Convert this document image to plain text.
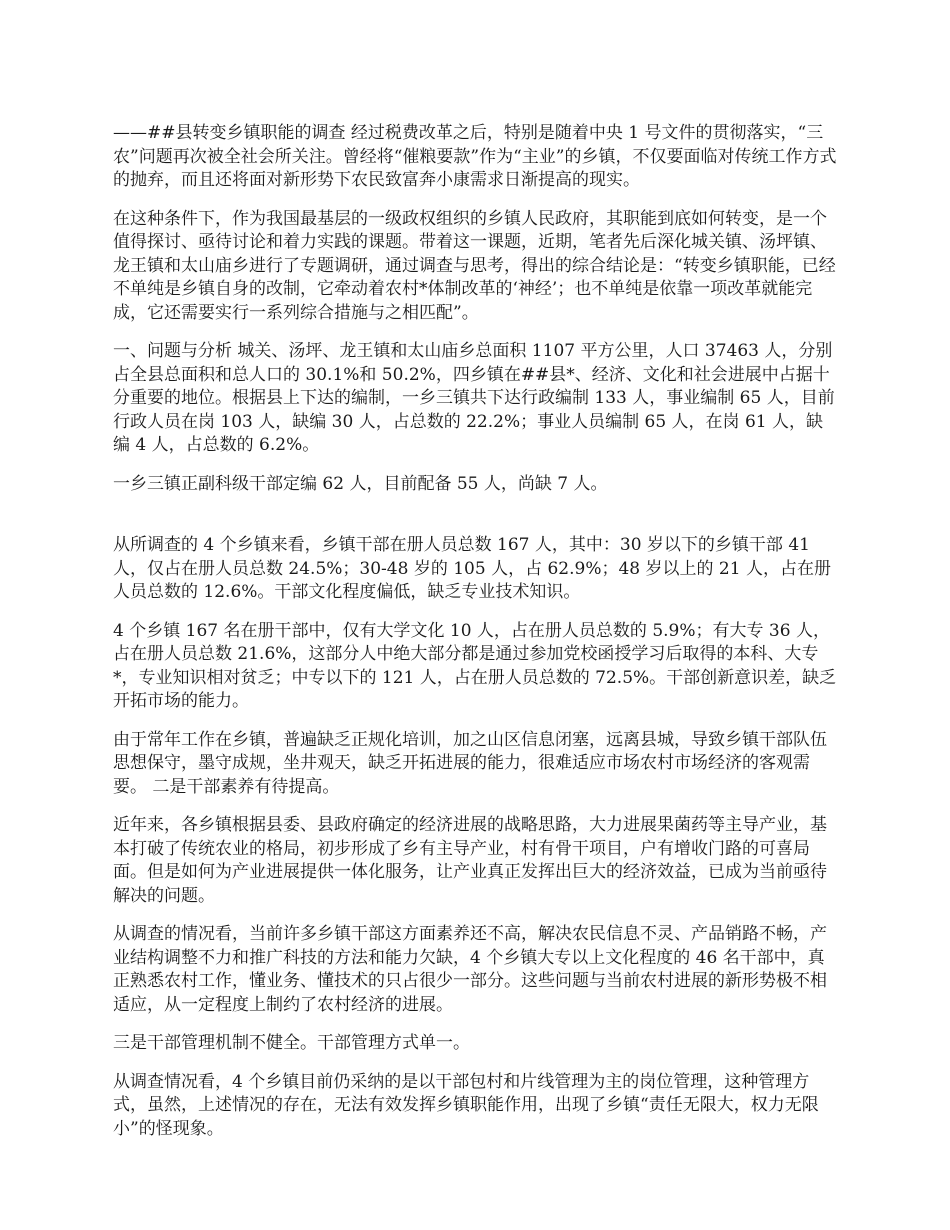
——##县转变乡镇职能的调查 经过税费改革之后，特别是随着中央 1 号文件的贯彻落实，“三农”问题再次被全社会所关注。曾经将“催粮要款”作为“主业”的乡镇，不仅要面临对传统工作方式的抛弃，而且还将面对新形势下农民致富奔小康需求日渐提高的现实。

在这种条件下，作为我国最基层的一级政权组织的乡镇人民政府，其职能到底如何转变，是一个值得探讨、亟待讨论和着力实践的课题。带着这一课题，近期，笔者先后深化城关镇、汤坪镇、龙王镇和太山庙乡进行了专题调研，通过调查与思考，得出的综合结论是：“转变乡镇职能，已经不单纯是乡镇自身的改制，它牵动着农村*体制改革的‘神经’；也不单纯是依靠一项改革就能完成，它还需要实行一系列综合措施与之相匹配”。

一、问题与分析 城关、汤坪、龙王镇和太山庙乡总面积 1107 平方公里，人口 37463 人，分别占全县总面积和总人口的 30.1%和 50.2%，四乡镇在##县*、经济、文化和社会进展中占据十分重要的地位。根据县上下达的编制，一乡三镇共下达行政编制 133 人，事业编制 65 人，目前行政人员在岗 103 人，缺编 30 人，占总数的 22.2%；事业人员编制 65 人，在岗 61 人，缺编 4 人，占总数的 6.2%。

一乡三镇正副科级干部定编 62 人，目前配备 55 人，尚缺 7 人。

从所调查的 4 个乡镇来看，乡镇干部在册人员总数 167 人，其中：30 岁以下的乡镇干部 41 人，仅占在册人员总数 24.5%；30-48 岁的 105 人，占 62.9%；48 岁以上的 21 人，占在册人员总数的 12.6%。干部文化程度偏低，缺乏专业技术知识。

4 个乡镇 167 名在册干部中，仅有大学文化 10 人，占在册人员总数的 5.9%；有大专 36 人，占在册人员总数 21.6%，这部分人中绝大部分都是通过参加党校函授学习后取得的本科、大专*，专业知识相对贫乏；中专以下的 121 人，占在册人员总数的 72.5%。干部创新意识差，缺乏开拓市场的能力。

由于常年工作在乡镇，普遍缺乏正规化培训，加之山区信息闭塞，远离县城，导致乡镇干部队伍思想保守，墨守成规，坐井观天，缺乏开拓进展的能力，很难适应市场农村市场经济的客观需要。 二是干部素养有待提高。

近年来，各乡镇根据县委、县政府确定的经济进展的战略思路，大力进展果菌药等主导产业，基本打破了传统农业的格局，初步形成了乡有主导产业，村有骨干项目，户有增收门路的可喜局面。但是如何为产业进展提供一体化服务，让产业真正发挥出巨大的经济效益，已成为当前亟待解决的问题。

从调查的情况看，当前许多乡镇干部这方面素养还不高，解决农民信息不灵、产品销路不畅，产业结构调整不力和推广科技的方法和能力欠缺，4 个乡镇大专以上文化程度的 46 名干部中，真正熟悉农村工作，懂业务、懂技术的只占很少一部分。这些问题与当前农村进展的新形势极不相适应，从一定程度上制约了农村经济的进展。

三是干部管理机制不健全。干部管理方式单一。

从调查情况看，4 个乡镇目前仍采纳的是以干部包村和片线管理为主的岗位管理，这种管理方式，虽然，上述情况的存在，无法有效发挥乡镇职能作用，出现了乡镇“责任无限大，权力无限小”的怪现象。
